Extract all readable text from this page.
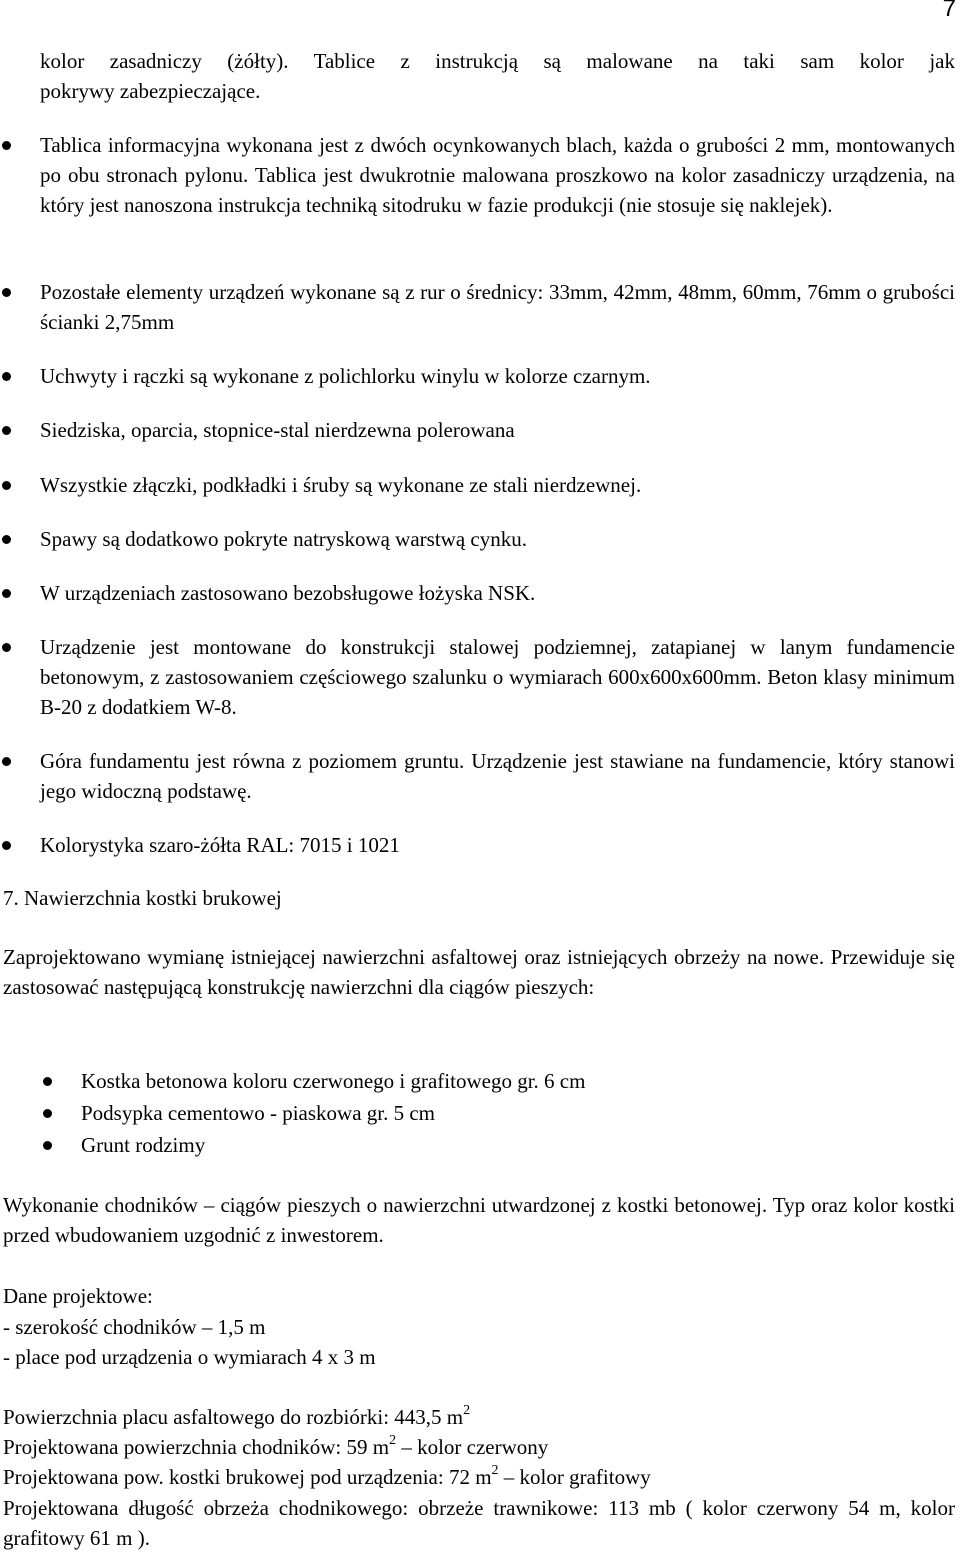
7
kolor zasadniczy (żółty). Tablice z instrukcją są malowane na taki sam kolor jak
pokrywy zabezpieczające.
Tablica informacyjna wykonana jest z dwóch ocynkowanych blach, każda o grubości 2 mm, montowanych po obu stronach pylonu. Tablica jest dwukrotnie malowana proszkowo na kolor zasadniczy urządzenia, na który jest nanoszona instrukcja techniką sitodruku w fazie produkcji (nie stosuje się naklejek).
Pozostałe elementy urządzeń wykonane są z rur o średnicy: 33mm, 42mm, 48mm, 60mm, 76mm o grubości ścianki 2,75mm
Uchwyty i rączki są wykonane z polichlorku winylu w kolorze czarnym.
Siedziska, oparcia, stopnice-stal nierdzewna polerowana
Wszystkie złączki, podkładki i śruby są wykonane ze stali nierdzewnej.
Spawy są dodatkowo pokryte natryskową warstwą cynku.
W urządzeniach zastosowano bezobsługowe łożyska NSK.
Urządzenie jest montowane do konstrukcji stalowej podziemnej, zatapianej w lanym fundamencie betonowym, z zastosowaniem częściowego szalunku o wymiarach 600x600x600mm. Beton klasy minimum B-20 z dodatkiem W-8.
Góra fundamentu jest równa z poziomem gruntu. Urządzenie jest stawiane na fundamencie, który stanowi jego widoczną podstawę.
Kolorystyka szaro-żółta RAL: 7015 i 1021
7. Nawierzchnia kostki brukowej
Zaprojektowano wymianę istniejącej nawierzchni asfaltowej oraz istniejących obrzeży na nowe. Przewiduje się zastosować następującą konstrukcję nawierzchni dla ciągów pieszych:
Kostka betonowa koloru czerwonego i grafitowego gr. 6 cm
Podsypka cementowo - piaskowa gr. 5 cm
Grunt rodzimy
Wykonanie chodników – ciągów pieszych o nawierzchni utwardzonej z kostki betonowej. Typ oraz kolor kostki przed wbudowaniem uzgodnić z inwestorem.
Dane projektowe:
- szerokość chodników – 1,5 m
- place pod urządzenia o wymiarach 4 x 3 m
Powierzchnia placu asfaltowego do rozbiórki: 443,5 $m^2$
Projektowana powierzchnia chodników: 59 $m^2$ – kolor czerwony
Projektowana pow. kostki brukowej pod urządzenia: 72 $m^2$ – kolor grafitowy
Projektowana długość obrzeża chodnikowego: obrzeże trawnikowe: 113 mb ( kolor czerwony 54 m, kolor grafitowy 61 m ).
